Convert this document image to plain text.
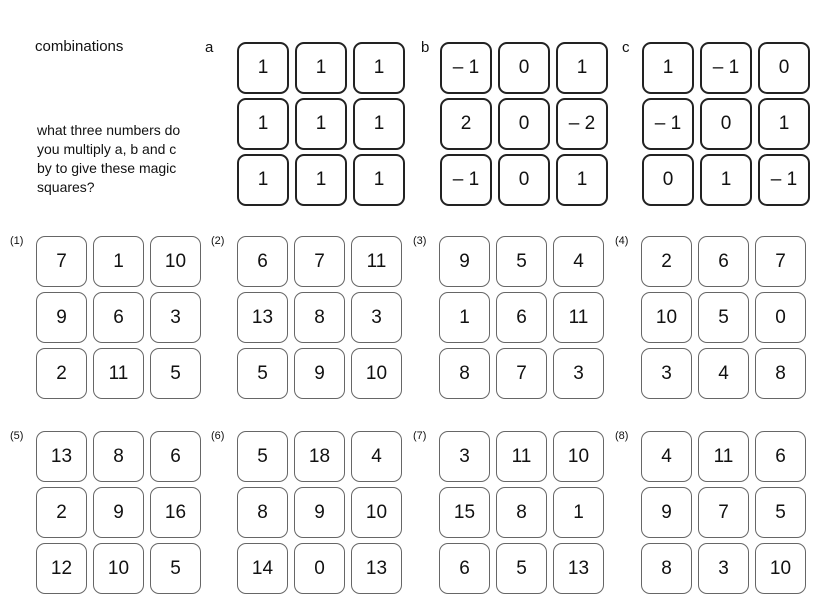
combinations
what three numbers do
you multiply a, b and c
by to give these magic
squares?
a
1	1	1
1	1	1
1	1	1
b
– 1	0	1
2	0	– 2
– 1	0	1
c
1	– 1	0
– 1	0	1
0	1	– 1
(1)
7	1	10
9	6	3
2	11	5
(2)
6	7	11
13	8	3
5	9	10
(3)
9	5	4
1	6	11
8	7	3
(4)
2	6	7
10	5	0
3	4	8
(5)
13	8	6
2	9	16
12	10	5
(6)
5	18	4
8	9	10
14	0	13
(7)
3	11	10
15	8	1
6	5	13
(8)
4	11	6
9	7	5
8	3	10
